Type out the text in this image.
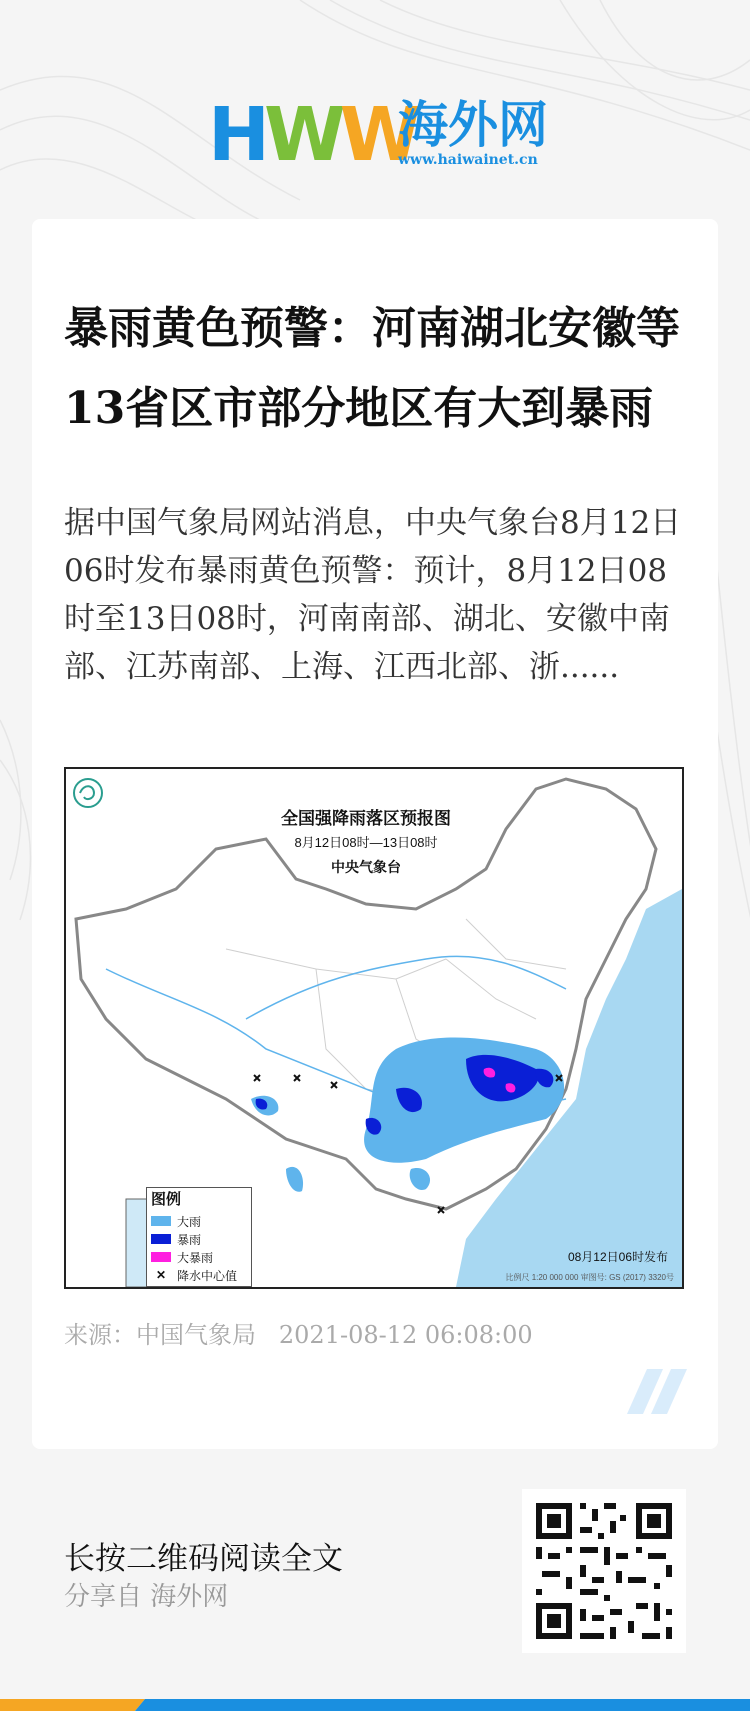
HWW
海外网
www.haiwainet.cn
暴雨黄色预警：河南湖北安徽等13省区市部分地区有大到暴雨
据中国气象局网站消息，中央气象台8月12日06时发布暴雨黄色预警：预计，8月12日08时至13日08时，河南南部、湖北、安徽中南部、江苏南部、上海、江西北部、浙......
全国强降雨落区预报图
8月12日08时—13日08时
中央气象台
图例
大雨
暴雨
大暴雨
✕ 降水中心值
08月12日06时发布
比例尺 1:20 000 000 审图号: GS (2017) 3320号
来源：中国气象局 2021-08-12 06:08:00
长按二维码阅读全文
分享自 海外网
